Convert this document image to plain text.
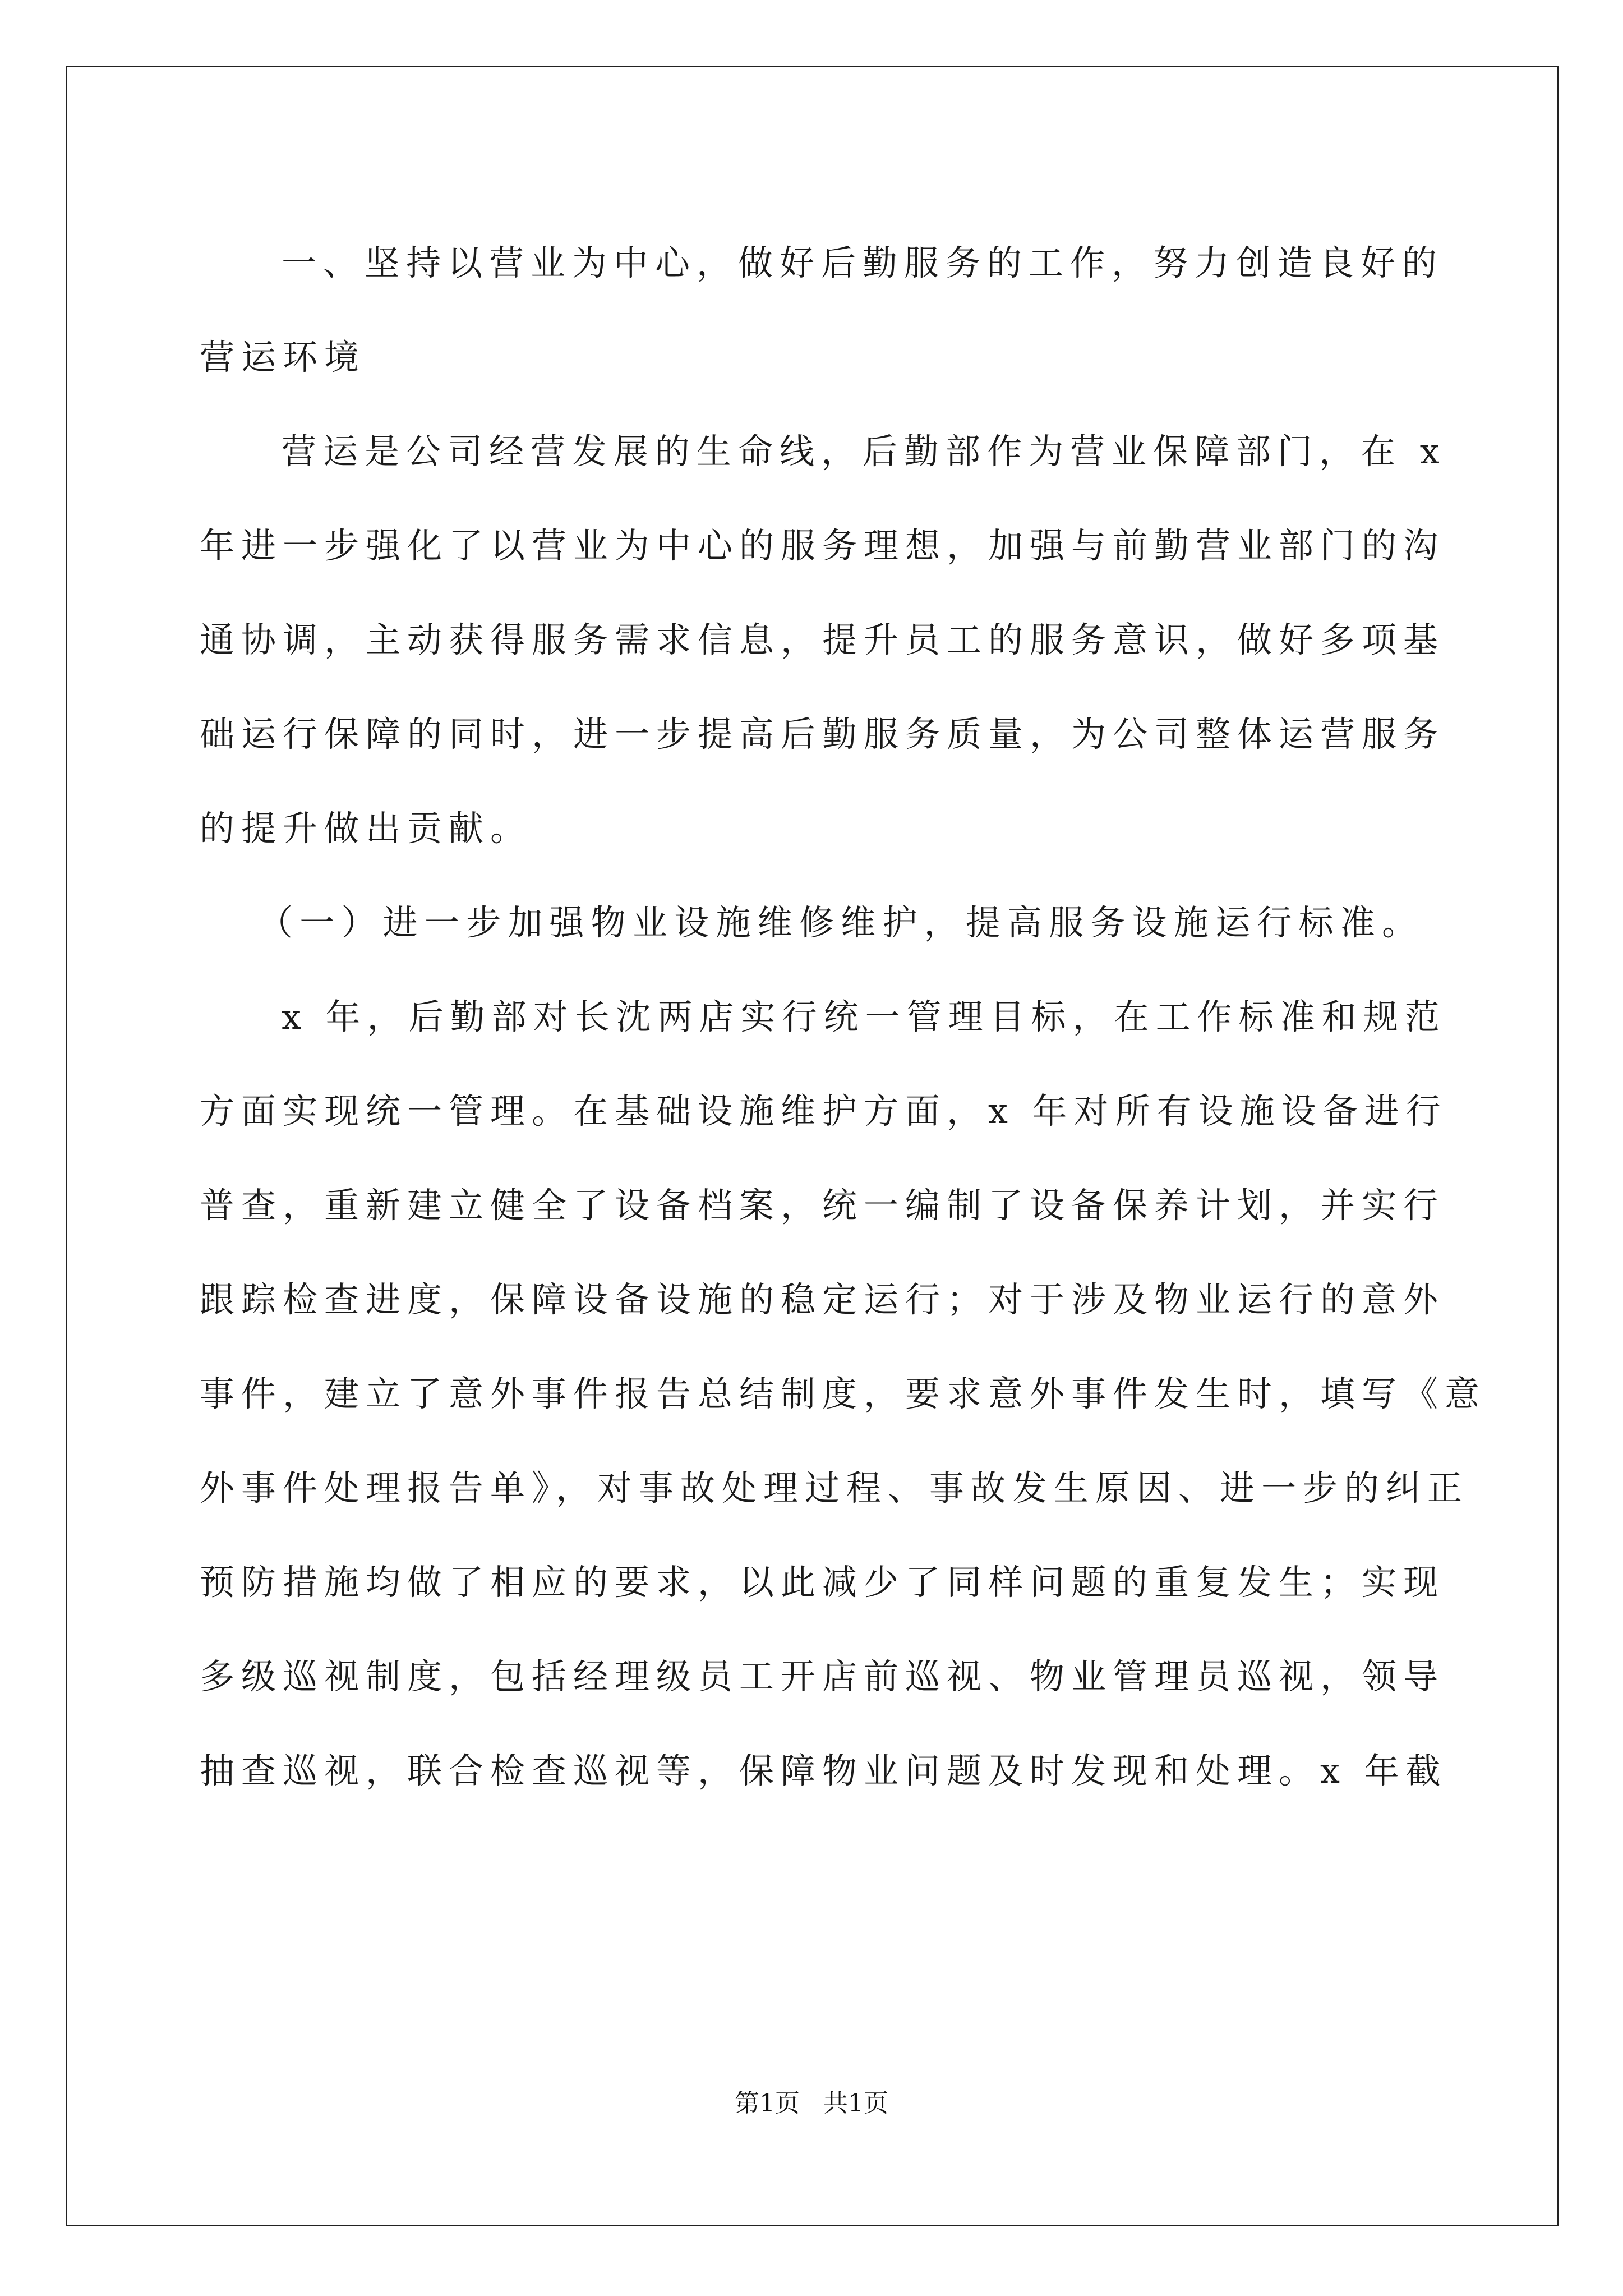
一、坚持以营业为中心，做好后勤服务的工作，努力创造良好的
营运环境
营运是公司经营发展的生命线，后勤部作为营业保障部门，在 x
年进一步强化了以营业为中心的服务理想，加强与前勤营业部门的沟
通协调，主动获得服务需求信息，提升员工的服务意识，做好多项基
础运行保障的同时，进一步提高后勤服务质量，为公司整体运营服务
的提升做出贡献。
（一）进一步加强物业设施维修维护，提高服务设施运行标准。
x 年，后勤部对长沈两店实行统一管理目标，在工作标准和规范
方面实现统一管理。在基础设施维护方面，x 年对所有设施设备进行
普查，重新建立健全了设备档案，统一编制了设备保养计划，并实行
跟踪检查进度，保障设备设施的稳定运行；对于涉及物业运行的意外
事件，建立了意外事件报告总结制度，要求意外事件发生时，填写《意
外事件处理报告单》，对事故处理过程、事故发生原因、进一步的纠正
预防措施均做了相应的要求，以此减少了同样问题的重复发生；实现
多级巡视制度，包括经理级员工开店前巡视、物业管理员巡视，领导
抽查巡视，联合检查巡视等，保障物业问题及时发现和处理。x 年截
第1页   共1页
